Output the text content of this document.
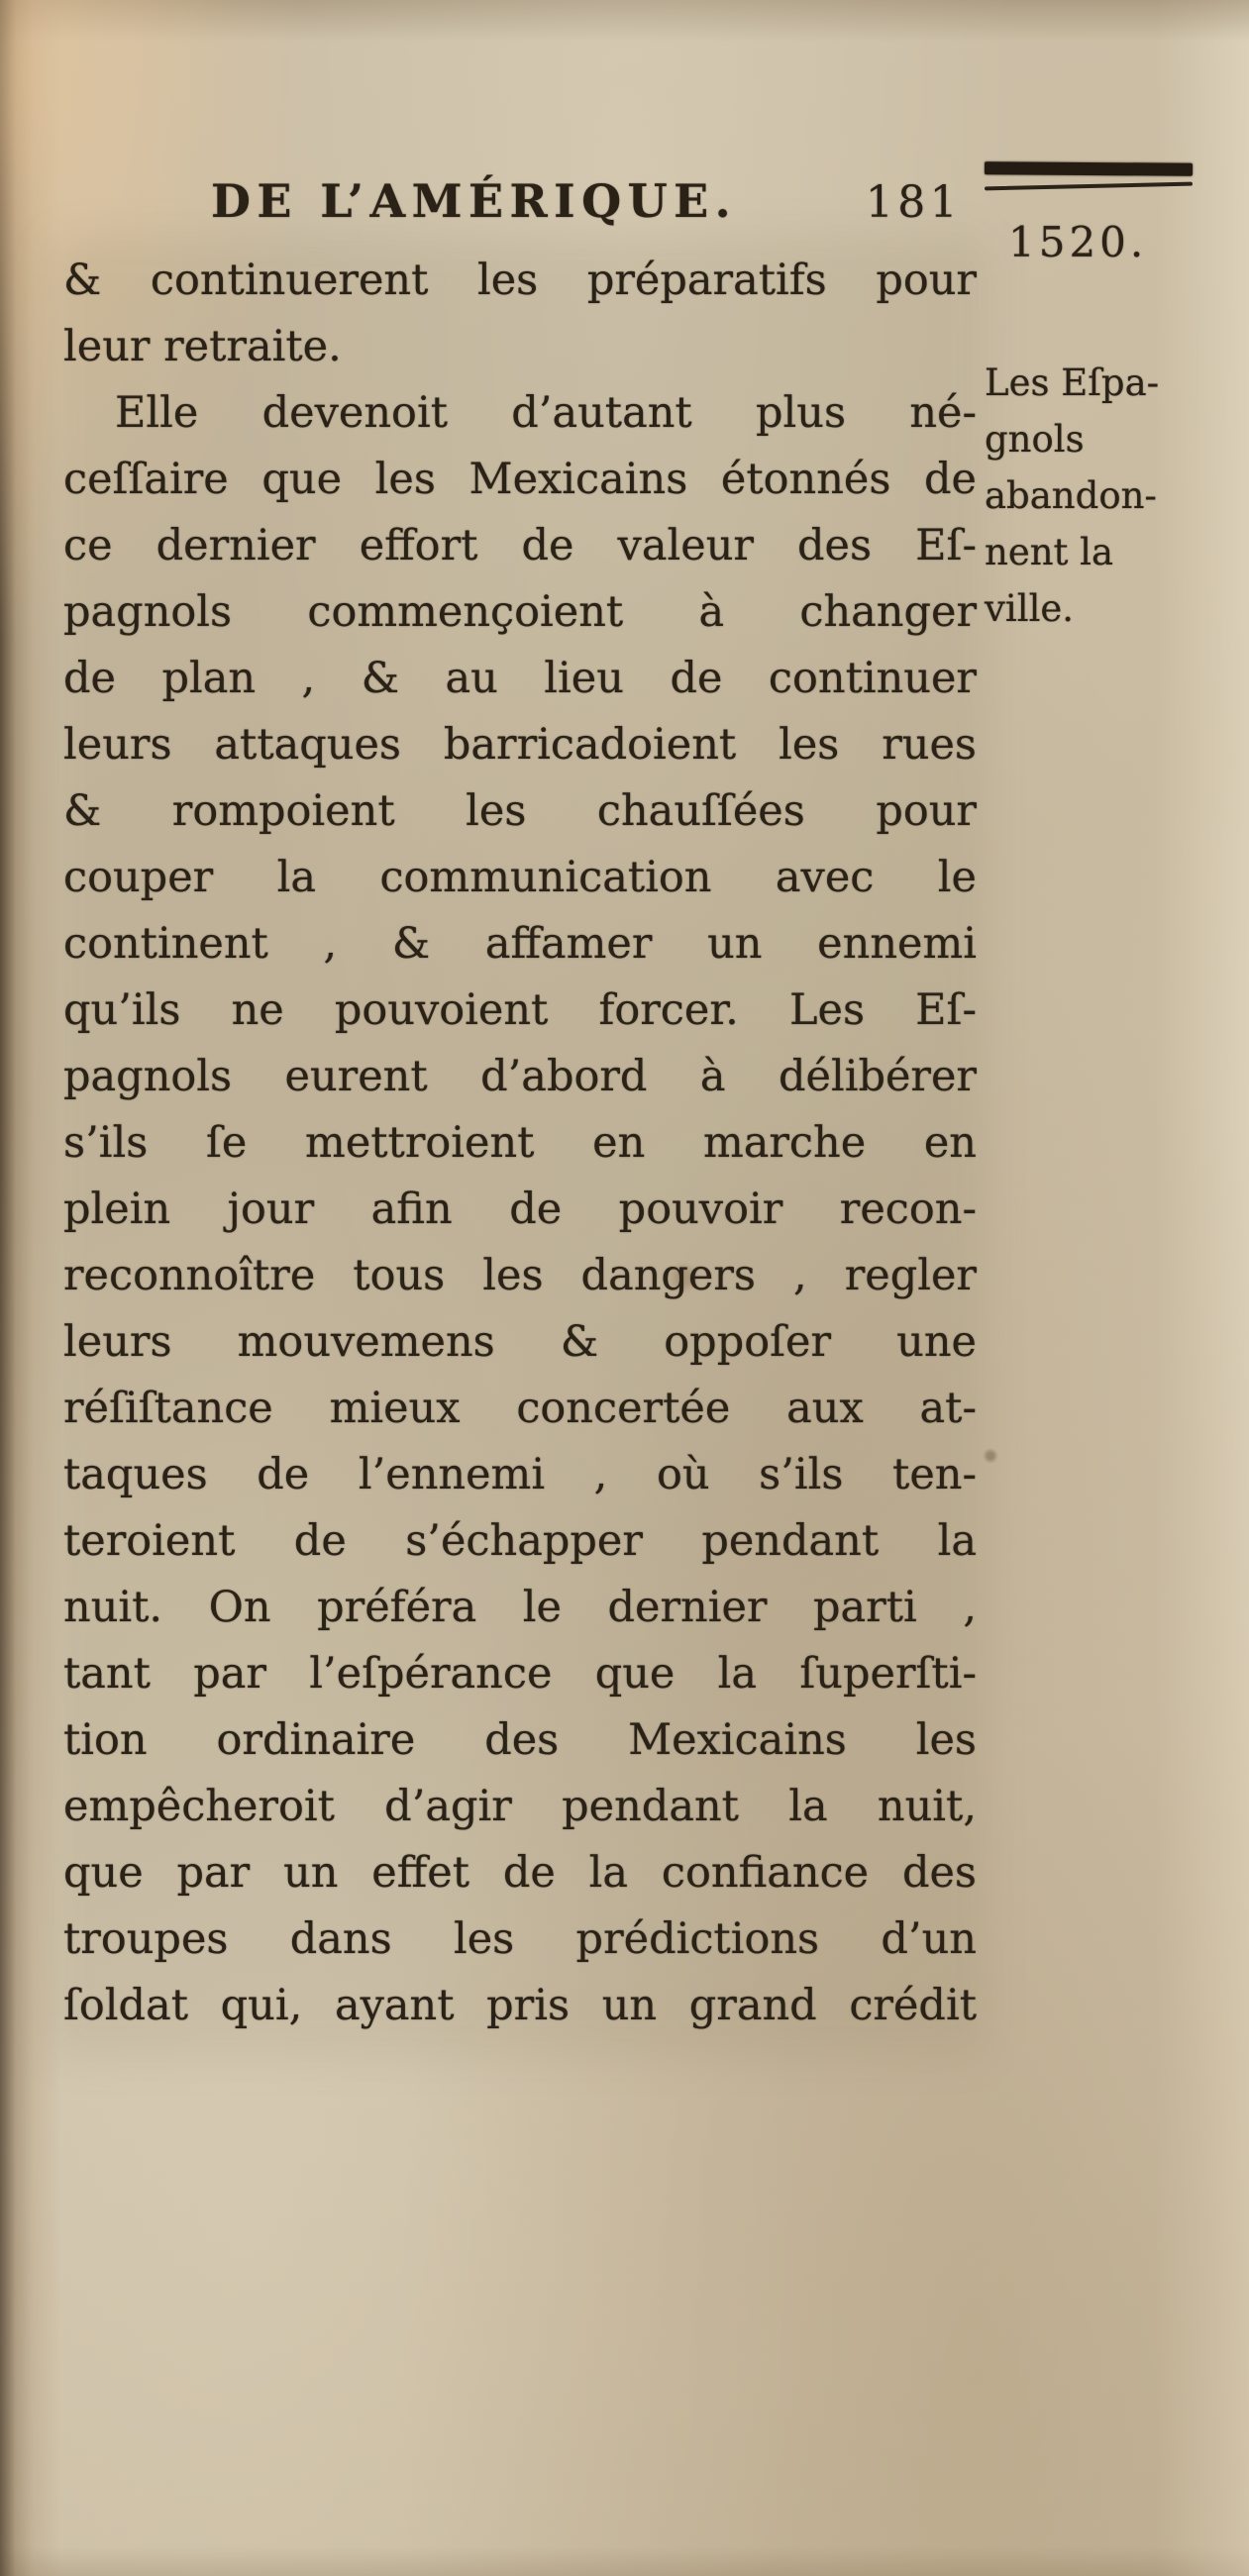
DE L’AMÉRIQUE.	181
1520.
Les Eſpa-
gnols
abandon-
nent la
ville.
& continuerent les préparatifs pour
leur retraite.
Elle devenoit d’autant plus né-
ceſſaire que les Mexicains étonnés de
ce dernier effort de valeur des Eſ-
pagnols commençoient à changer
de plan , & au lieu de continuer
leurs attaques barricadoient les rues
& rompoient les chauſſées pour
couper la communication avec le
continent , & affamer un ennemi
qu’ils ne pouvoient forcer. Les Eſ-
pagnols eurent d’abord à délibérer
s’ils ſe mettroient en marche en
plein jour afin de pouvoir recon-
reconnoître tous les dangers , regler
leurs mouvemens & oppoſer une
réſiſtance mieux concertée aux at-
taques de l’ennemi , où s’ils ten-
teroient de s’échapper pendant la
nuit. On préféra le dernier parti ,
tant par l’eſpérance que la ſuperſti-
tion ordinaire des Mexicains les
empêcheroit d’agir pendant la nuit,
que par un effet de la confiance des
troupes dans les prédictions d’un
ſoldat qui, ayant pris un grand crédit
